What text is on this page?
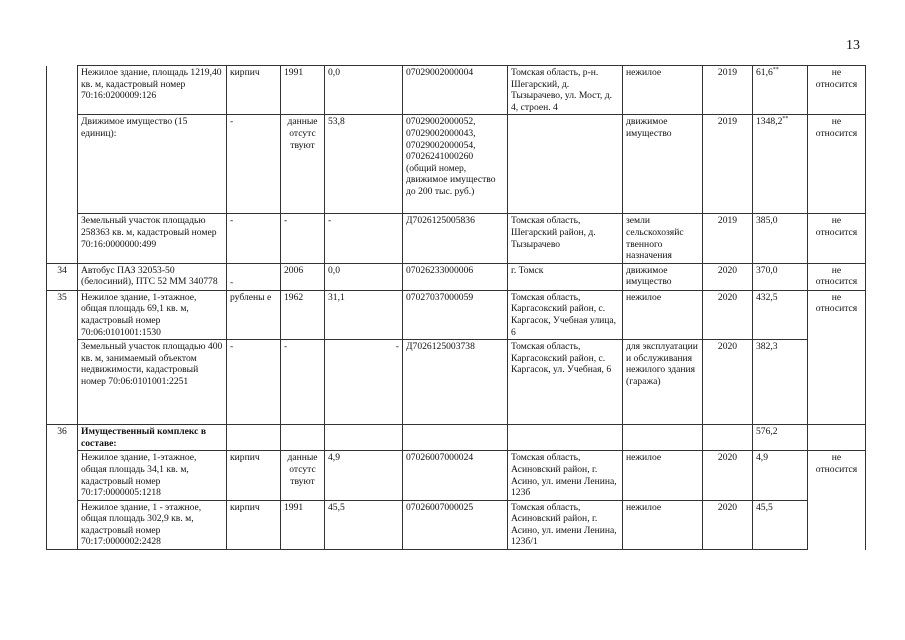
13
	Нежилое здание, площадь 1219,40 кв. м, кадастровый номер 70:16:0200009:126	кирпич	1991	0,0	07029002000004	Томская область, р-н. Шегарский, д. Тызырачево, ул. Мост, д. 4, строен. 4	нежилое	2019	61,6**	не относится
	Движимое имущество (15 единиц):	-	данные отсутс твуют	53,8	07029002000052, 07029002000043, 07029002000054, 07026241000260 (общий номер, движимое имущество до 200 тыс. руб.)		движимое имущество	2019	1348,2**	не относится
	Земельный участок площадью 258363 кв. м, кадастровый номер 70:16:0000000:499	-	-	-	Д7026125005836	Томская область, Шегарский район, д. Тызырачево	земли сельскохозяйс твенного назначения	2019	385,0	не относится
34	Автобус ПАЗ 32053-50 (белосиний), ПТС 52 ММ 340778	-	2006	0,0	07026233000006	г. Томск	движимое имущество	2020	370,0	не относится
35	Нежилое здание, 1-этажное, общая площадь 69,1 кв. м, кадастровый номер 70:06:0101001:1530	рублены е	1962	31,1	07027037000059	Томская область, Каргасокский район, с. Каргасок, Учебная улица, 6	нежилое	2020	432,5	не относится
	Земельный участок площадью 400 кв. м, занимаемый объектом недвижимости, кадастровый номер 70:06:0101001:2251	-	-	-	Д7026125003738	Томская область, Каргасокский район, с. Каргасок, ул. Учебная, 6	для эксплуатации и обслуживания нежилого здания (гаража)	2020	382,3	
36	Имущественный комплекс в составе:								576,2	
	Нежилое здание, 1-этажное, общая площадь 34,1 кв. м, кадастровый номер 70:17:0000005:1218	кирпич	данные отсутс твуют	4,9	07026007000024	Томская область, Асиновский район, г. Асино, ул. имени Ленина, 123б	нежилое	2020	4,9	не относится
	Нежилое здание, 1 - этажное, общая площадь 302,9 кв. м, кадастровый номер 70:17:0000002:2428	кирпич	1991	45,5	07026007000025	Томская область, Асиновский район, г. Асино, ул. имени Ленина, 123б/1	нежилое	2020	45,5	
